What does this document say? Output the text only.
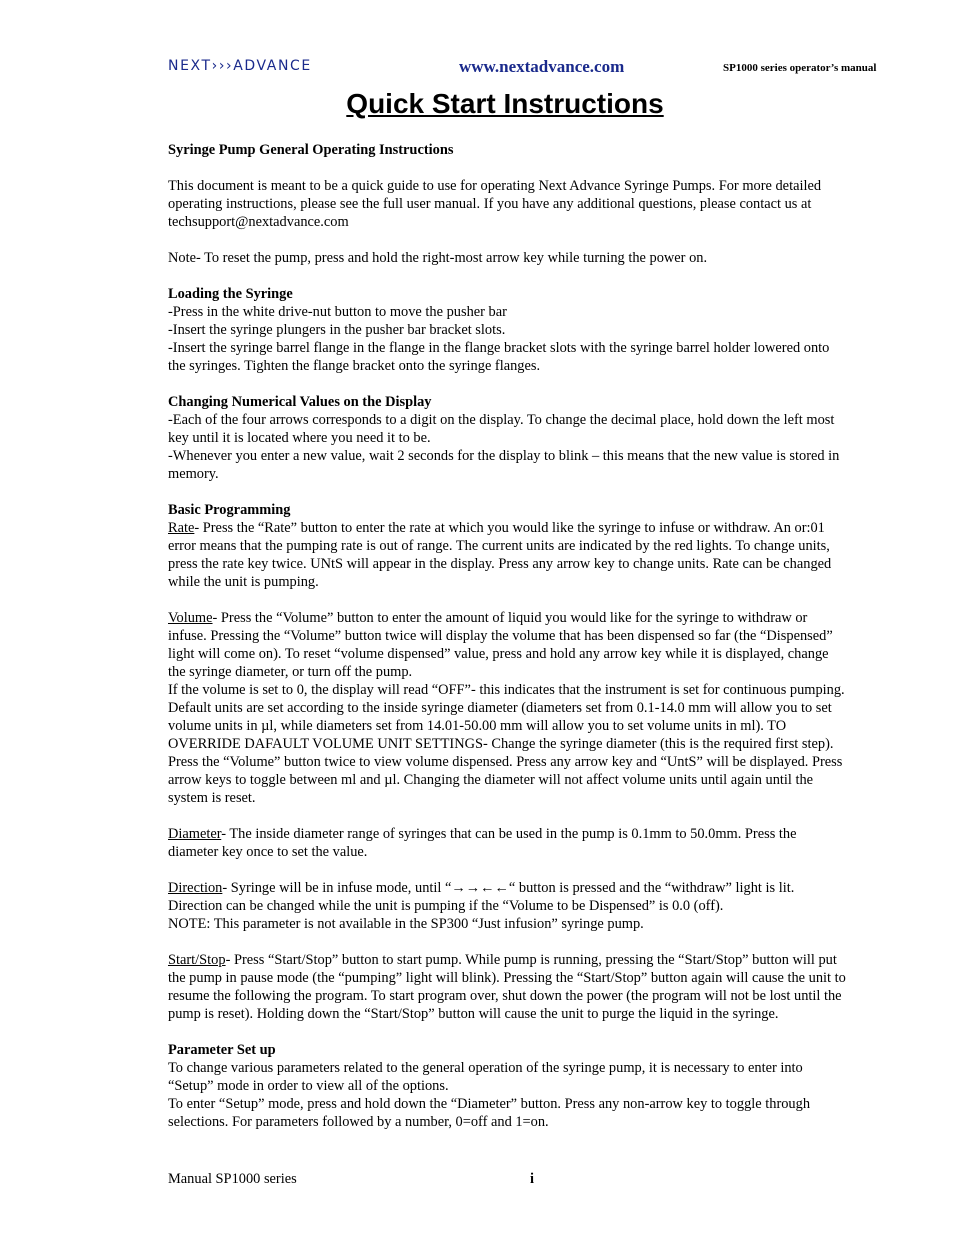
NEXT›››ADVANCE	www.nextadvance.com	SP1000 series operator’s manual
Quick Start Instructions

Syringe Pump General Operating Instructions

This document is meant to be a quick guide to use for operating Next Advance Syringe Pumps. For more detailed operating instructions, please see the full user manual. If you have any additional questions, please contact us at techsupport@nextadvance.com

Note- To reset the pump, press and hold the right-most arrow key while turning the power on.

Loading the Syringe

-Press in the white drive-nut button to move the pusher bar

-Insert the syringe plungers in the pusher bar bracket slots.

-Insert the syringe barrel flange in the flange in the flange bracket slots with the syringe barrel holder lowered onto the syringes. Tighten the flange bracket onto the syringe flanges.

Changing Numerical Values on the Display

-Each of the four arrows corresponds to a digit on the display. To change the decimal place, hold down the left most key until it is located where you need it to be.

-Whenever you enter a new value, wait 2 seconds for the display to blink – this means that the new value is stored in memory.

Basic Programming

Rate- Press the “Rate” button to enter the rate at which you would like the syringe to infuse or withdraw. An or:01 error means that the pumping rate is out of range. The current units are indicated by the red lights. To change units, press the rate key twice. UNtS will appear in the display. Press any arrow key to change units. Rate can be changed while the unit is pumping.

Volume- Press the “Volume” button to enter the amount of liquid you would like for the syringe to withdraw or infuse. Pressing the “Volume” button twice will display the volume that has been dispensed so far (the “Dispensed” light will come on). To reset “volume dispensed” value, press and hold any arrow key while it is displayed, change the syringe diameter, or turn off the pump.

If the volume is set to 0, the display will read “OFF”- this indicates that the instrument is set for continuous pumping.

Default units are set according to the inside syringe diameter (diameters set from 0.1-14.0 mm will allow you to set volume units in µl, while diameters set from 14.01-50.00 mm will allow you to set volume units in ml). TO OVERRIDE DAFAULT VOLUME UNIT SETTINGS- Change the syringe diameter (this is the required first step). Press the “Volume” button twice to view volume dispensed. Press any arrow key and “UntS” will be displayed. Press arrow keys to toggle between ml and µl. Changing the diameter will not affect volume units until again until the system is reset.

Diameter- The inside diameter range of syringes that can be used in the pump is 0.1mm to 50.0mm. Press the diameter key once to set the value.

Direction- Syringe will be in infuse mode, until “→→←←“ button is pressed and the “withdraw” light is lit. Direction can be changed while the unit is pumping if the “Volume to be Dispensed” is 0.0 (off).

NOTE: This parameter is not available in the SP300 “Just infusion” syringe pump.

Start/Stop- Press “Start/Stop” button to start pump. While pump is running, pressing the “Start/Stop” button will put the pump in pause mode (the “pumping” light will blink). Pressing the “Start/Stop” button again will cause the unit to resume the following the program. To start program over, shut down the power (the program will not be lost until the pump is reset). Holding down the “Start/Stop” button will cause the unit to purge the liquid in the syringe.

Parameter Set up

To change various parameters related to the general operation of the syringe pump, it is necessary to enter into “Setup” mode in order to view all of the options.

To enter “Setup” mode, press and hold down the “Diameter” button. Press any non-arrow key to toggle through selections. For parameters followed by a number, 0=off and 1=on.

Manual SP1000 series	i
